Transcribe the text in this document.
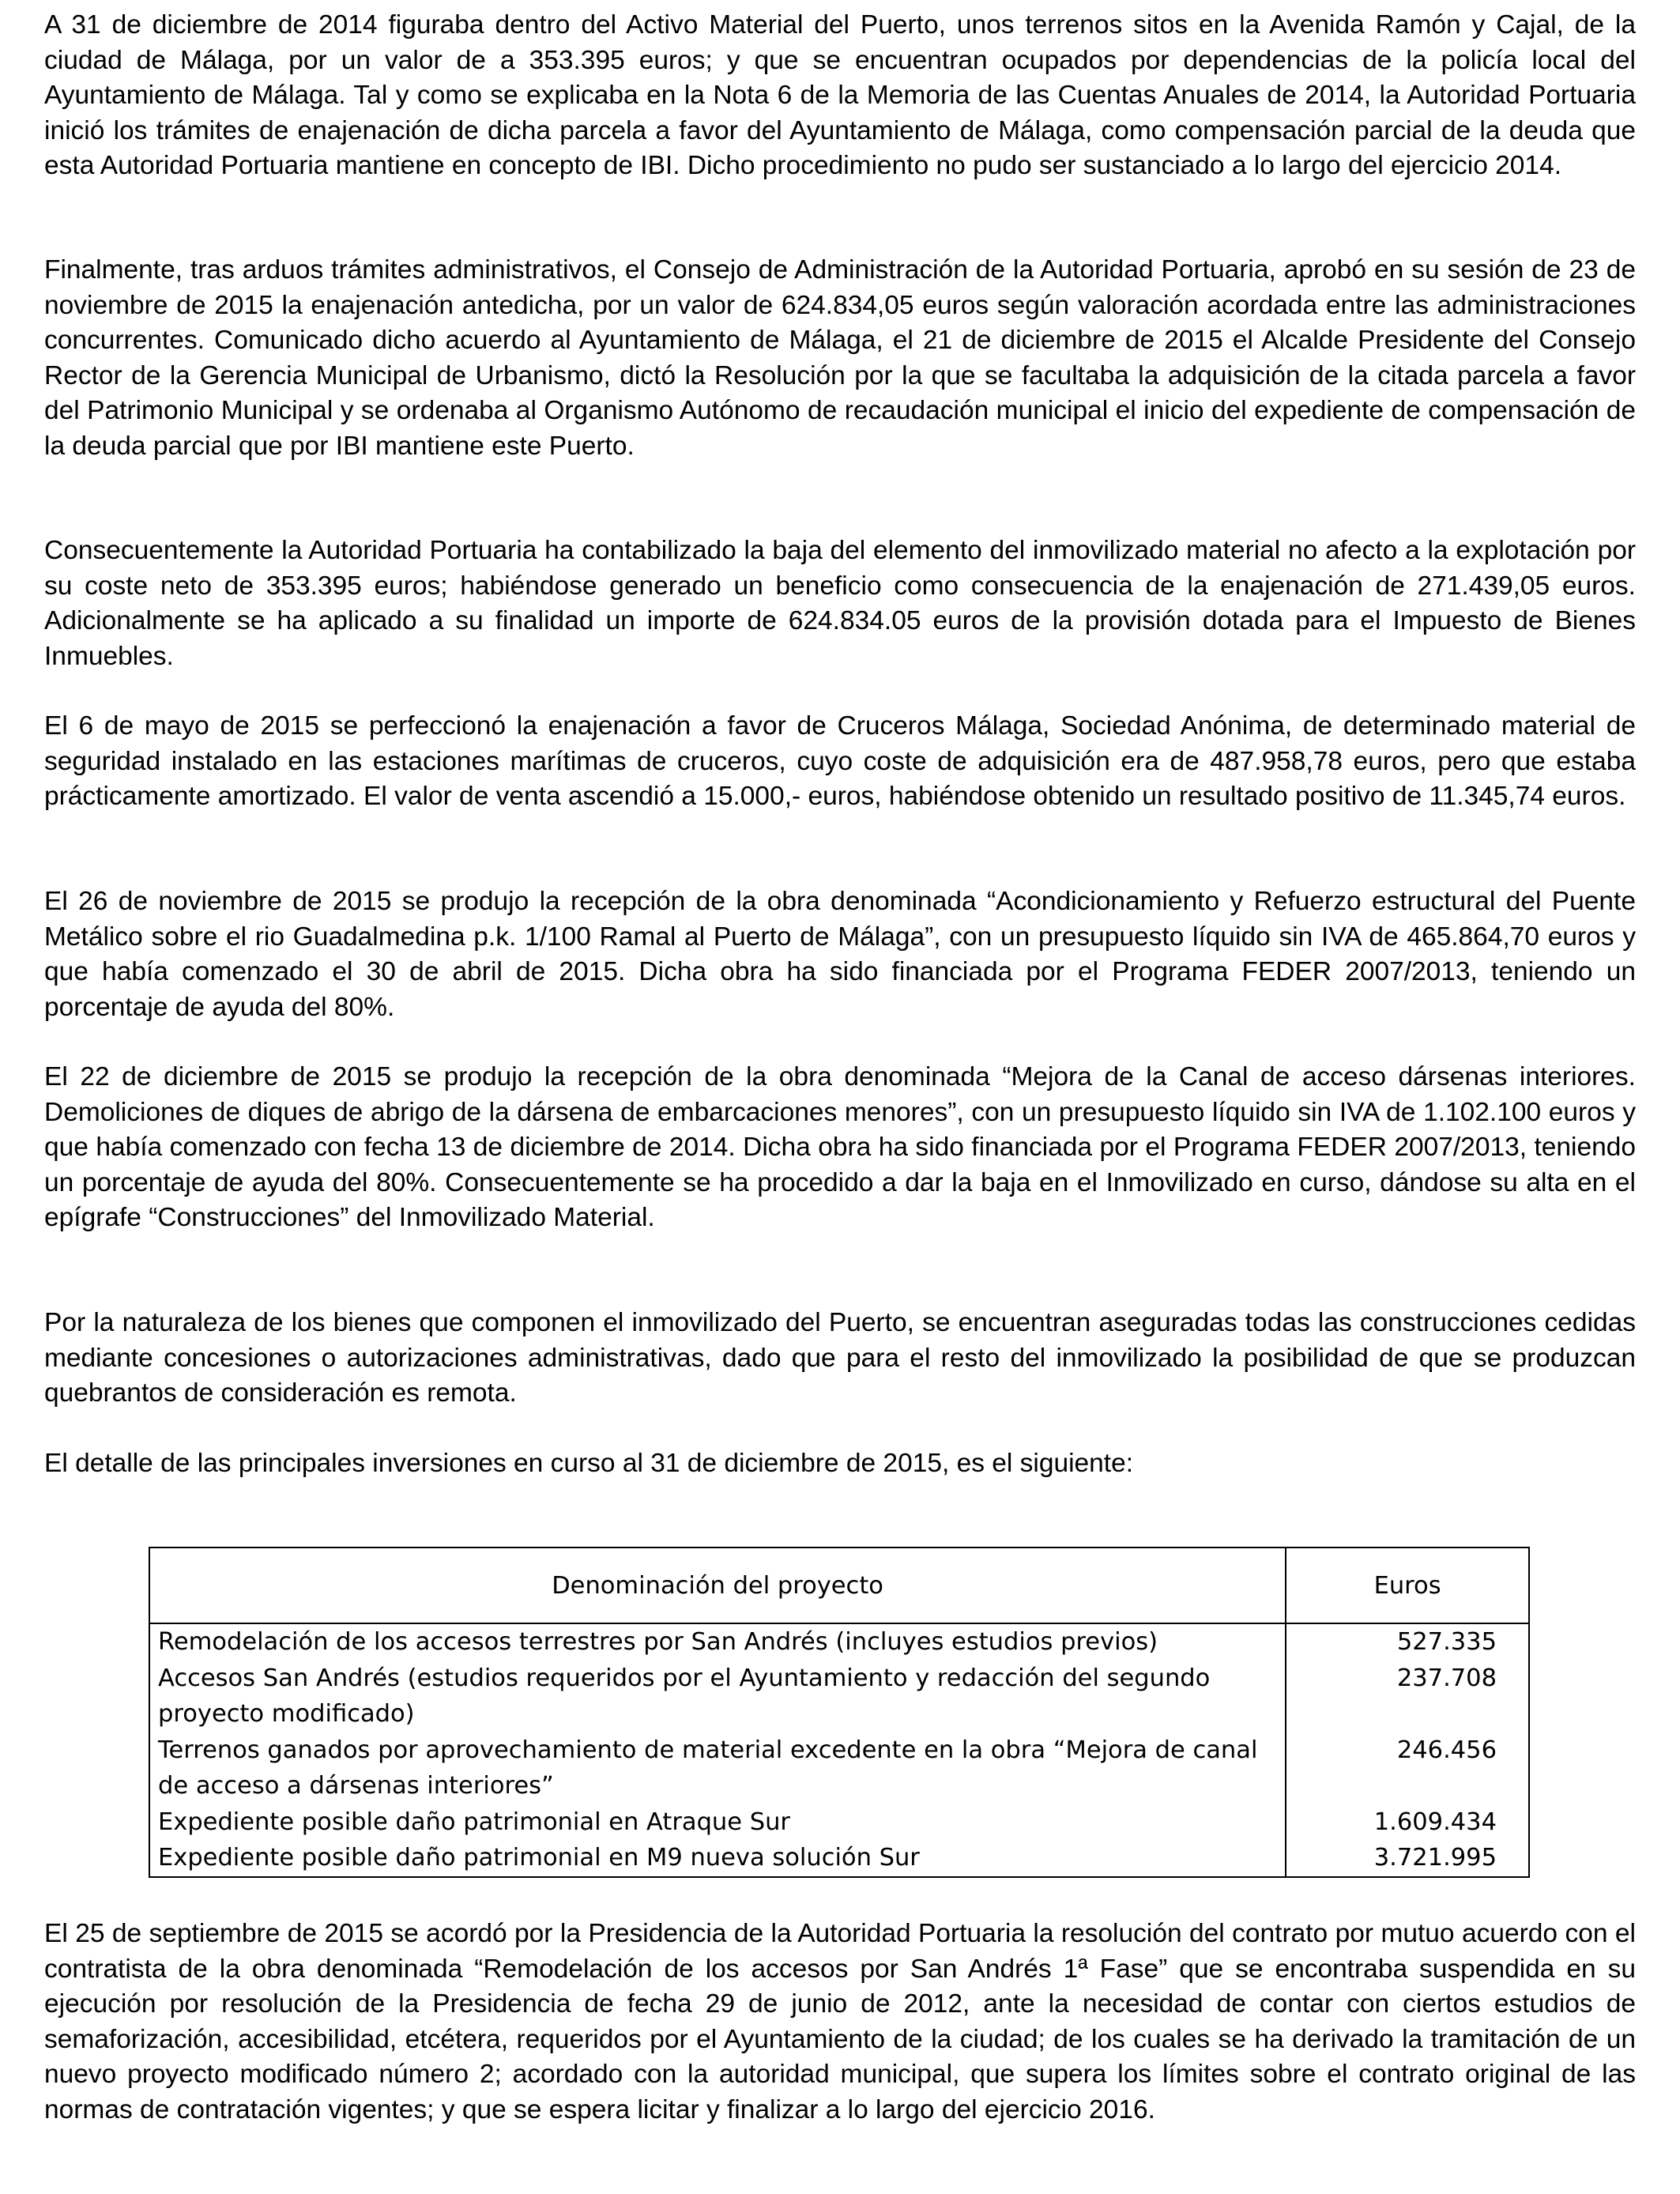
A 31 de diciembre de 2014 figuraba dentro del Activo Material del Puerto, unos terrenos sitos en la Avenida Ramón y Cajal, de la ciudad de Málaga, por un valor de a 353.395 euros; y que se encuentran ocupados por dependencias de la policía local del Ayuntamiento de Málaga. Tal y como se explicaba en la Nota 6 de la Memoria de las Cuentas Anuales de 2014, la Autoridad Portuaria inició los trámites de enajenación de dicha parcela a favor del Ayuntamiento de Málaga, como compensación parcial de la deuda que esta Autoridad Portuaria mantiene en concepto de IBI. Dicho procedimiento no pudo ser sustanciado a lo largo del ejercicio 2014.

Finalmente, tras arduos trámites administrativos, el Consejo de Administración de la Autoridad Portuaria, aprobó en su sesión de 23 de noviembre de 2015 la enajenación antedicha, por un valor de 624.834,05 euros según valoración acordada entre las administraciones concurrentes. Comunicado dicho acuerdo al Ayuntamiento de Málaga, el 21 de diciembre de 2015 el Alcalde Presidente del Consejo Rector de la Gerencia Municipal de Urbanismo, dictó la Resolución por la que se facultaba la adquisición de la citada parcela a favor del Patrimonio Municipal y se ordenaba al Organismo Autónomo de recaudación municipal el inicio del expediente de compensación de la deuda parcial que por IBI mantiene este Puerto.

Consecuentemente la Autoridad Portuaria ha contabilizado la baja del elemento del inmovilizado material no afecto a la explotación por su coste neto de 353.395 euros; habiéndose generado un beneficio como consecuencia de la enajenación de 271.439,05 euros. Adicionalmente se ha aplicado a su finalidad un importe de 624.834.05 euros de la provisión dotada para el Impuesto de Bienes Inmuebles.

El 6 de mayo de 2015 se perfeccionó la enajenación a favor de Cruceros Málaga, Sociedad Anónima, de determinado material de seguridad instalado en las estaciones marítimas de cruceros, cuyo coste de adquisición era de 487.958,78 euros, pero que estaba prácticamente amortizado. El valor de venta ascendió a 15.000,- euros, habiéndose obtenido un resultado positivo de 11.345,74 euros.

El 26 de noviembre de 2015 se produjo la recepción de la obra denominada “Acondicionamiento y Refuerzo estructural del Puente Metálico sobre el rio Guadalmedina p.k. 1/100 Ramal al Puerto de Málaga”, con un presupuesto líquido sin IVA de 465.864,70 euros y que había comenzado el 30 de abril de 2015. Dicha obra ha sido financiada por el Programa FEDER 2007/2013, teniendo un porcentaje de ayuda del 80%.

El 22 de diciembre de 2015 se produjo la recepción de la obra denominada “Mejora de la Canal de acceso dársenas interiores. Demoliciones de diques de abrigo de la dársena de embarcaciones menores”, con un presupuesto líquido sin IVA de 1.102.100 euros y que había comenzado con fecha 13 de diciembre de 2014. Dicha obra ha sido financiada por el Programa FEDER 2007/2013, teniendo un porcentaje de ayuda del 80%. Consecuentemente se ha procedido a dar la baja en el Inmovilizado en curso, dándose su alta en el epígrafe “Construcciones” del Inmovilizado Material.

Por la naturaleza de los bienes que componen el inmovilizado del Puerto, se encuentran aseguradas todas las construcciones cedidas mediante concesiones o autorizaciones administrativas, dado que para el resto del inmovilizado la posibilidad de que se produzcan quebrantos de consideración es remota.

El detalle de las principales inversiones en curso al 31 de diciembre de 2015, es el siguiente:

Denominación del proyecto	Euros
Remodelación de los accesos terrestres por San Andrés (incluyes estudios previos)	527.335
Accesos San Andrés (estudios requeridos por el Ayuntamiento y redacción del segundo proyecto modificado)	237.708
Terrenos ganados por aprovechamiento de material excedente en la obra “Mejora de canal de acceso a dársenas interiores”	246.456
Expediente posible daño patrimonial en Atraque Sur	1.609.434
Expediente posible daño patrimonial en M9 nueva solución Sur	3.721.995

El 25 de septiembre de 2015 se acordó por la Presidencia de la Autoridad Portuaria la resolución del contrato por mutuo acuerdo con el contratista de la obra denominada “Remodelación de los accesos por San Andrés 1ª Fase” que se encontraba suspendida en su ejecución por resolución de la Presidencia de fecha 29 de junio de 2012, ante la necesidad de contar con ciertos estudios de semaforización, accesibilidad, etcétera, requeridos por el Ayuntamiento de la ciudad; de los cuales se ha derivado la tramitación de un nuevo proyecto modificado número 2; acordado con la autoridad municipal, que supera los límites sobre el contrato original de las normas de contratación vigentes; y que se espera licitar y finalizar a lo largo del ejercicio 2016.
